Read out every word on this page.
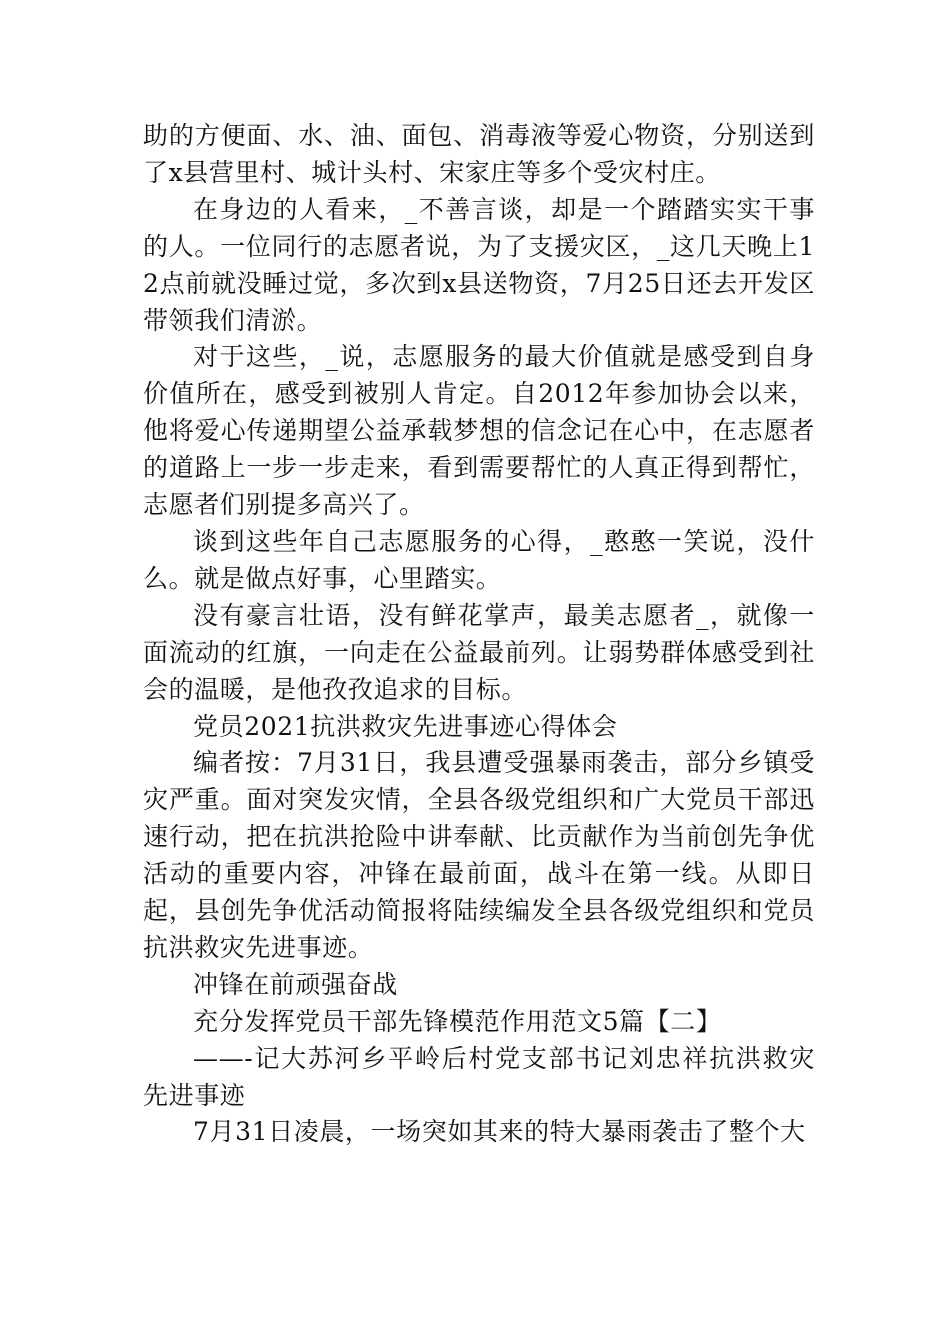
助的方便面、水、油、面包、消毒液等爱心物资，分别送到了x县营里村、城计头村、宋家庄等多个受灾村庄。

在身边的人看来，_不善言谈，却是一个踏踏实实干事的人。一位同行的志愿者说，为了支援灾区，_这几天晚上12点前就没睡过觉，多次到x县送物资，7月25日还去开发区带领我们清淤。

对于这些，_说，志愿服务的最大价值就是感受到自身价值所在，感受到被别人肯定。自2012年参加协会以来，他将爱心传递期望公益承载梦想的信念记在心中，在志愿者的道路上一步一步走来，看到需要帮忙的人真正得到帮忙，志愿者们别提多高兴了。

谈到这些年自己志愿服务的心得，_憨憨一笑说，没什么。就是做点好事，心里踏实。

没有豪言壮语，没有鲜花掌声，最美志愿者_，就像一面流动的红旗，一向走在公益最前列。让弱势群体感受到社会的温暖，是他孜孜追求的目标。

党员2021抗洪救灾先进事迹心得体会

编者按：7月31日，我县遭受强暴雨袭击，部分乡镇受灾严重。面对突发灾情，全县各级党组织和广大党员干部迅速行动，把在抗洪抢险中讲奉献、比贡献作为当前创先争优活动的重要内容，冲锋在最前面，战斗在第一线。从即日起，县创先争优活动简报将陆续编发全县各级党组织和党员抗洪救灾先进事迹。

冲锋在前顽强奋战

充分发挥党员干部先锋模范作用范文5篇【二】

——-记大苏河乡平岭后村党支部书记刘忠祥抗洪救灾先进事迹

7月31日凌晨，一场突如其来的特大暴雨袭击了整个大
